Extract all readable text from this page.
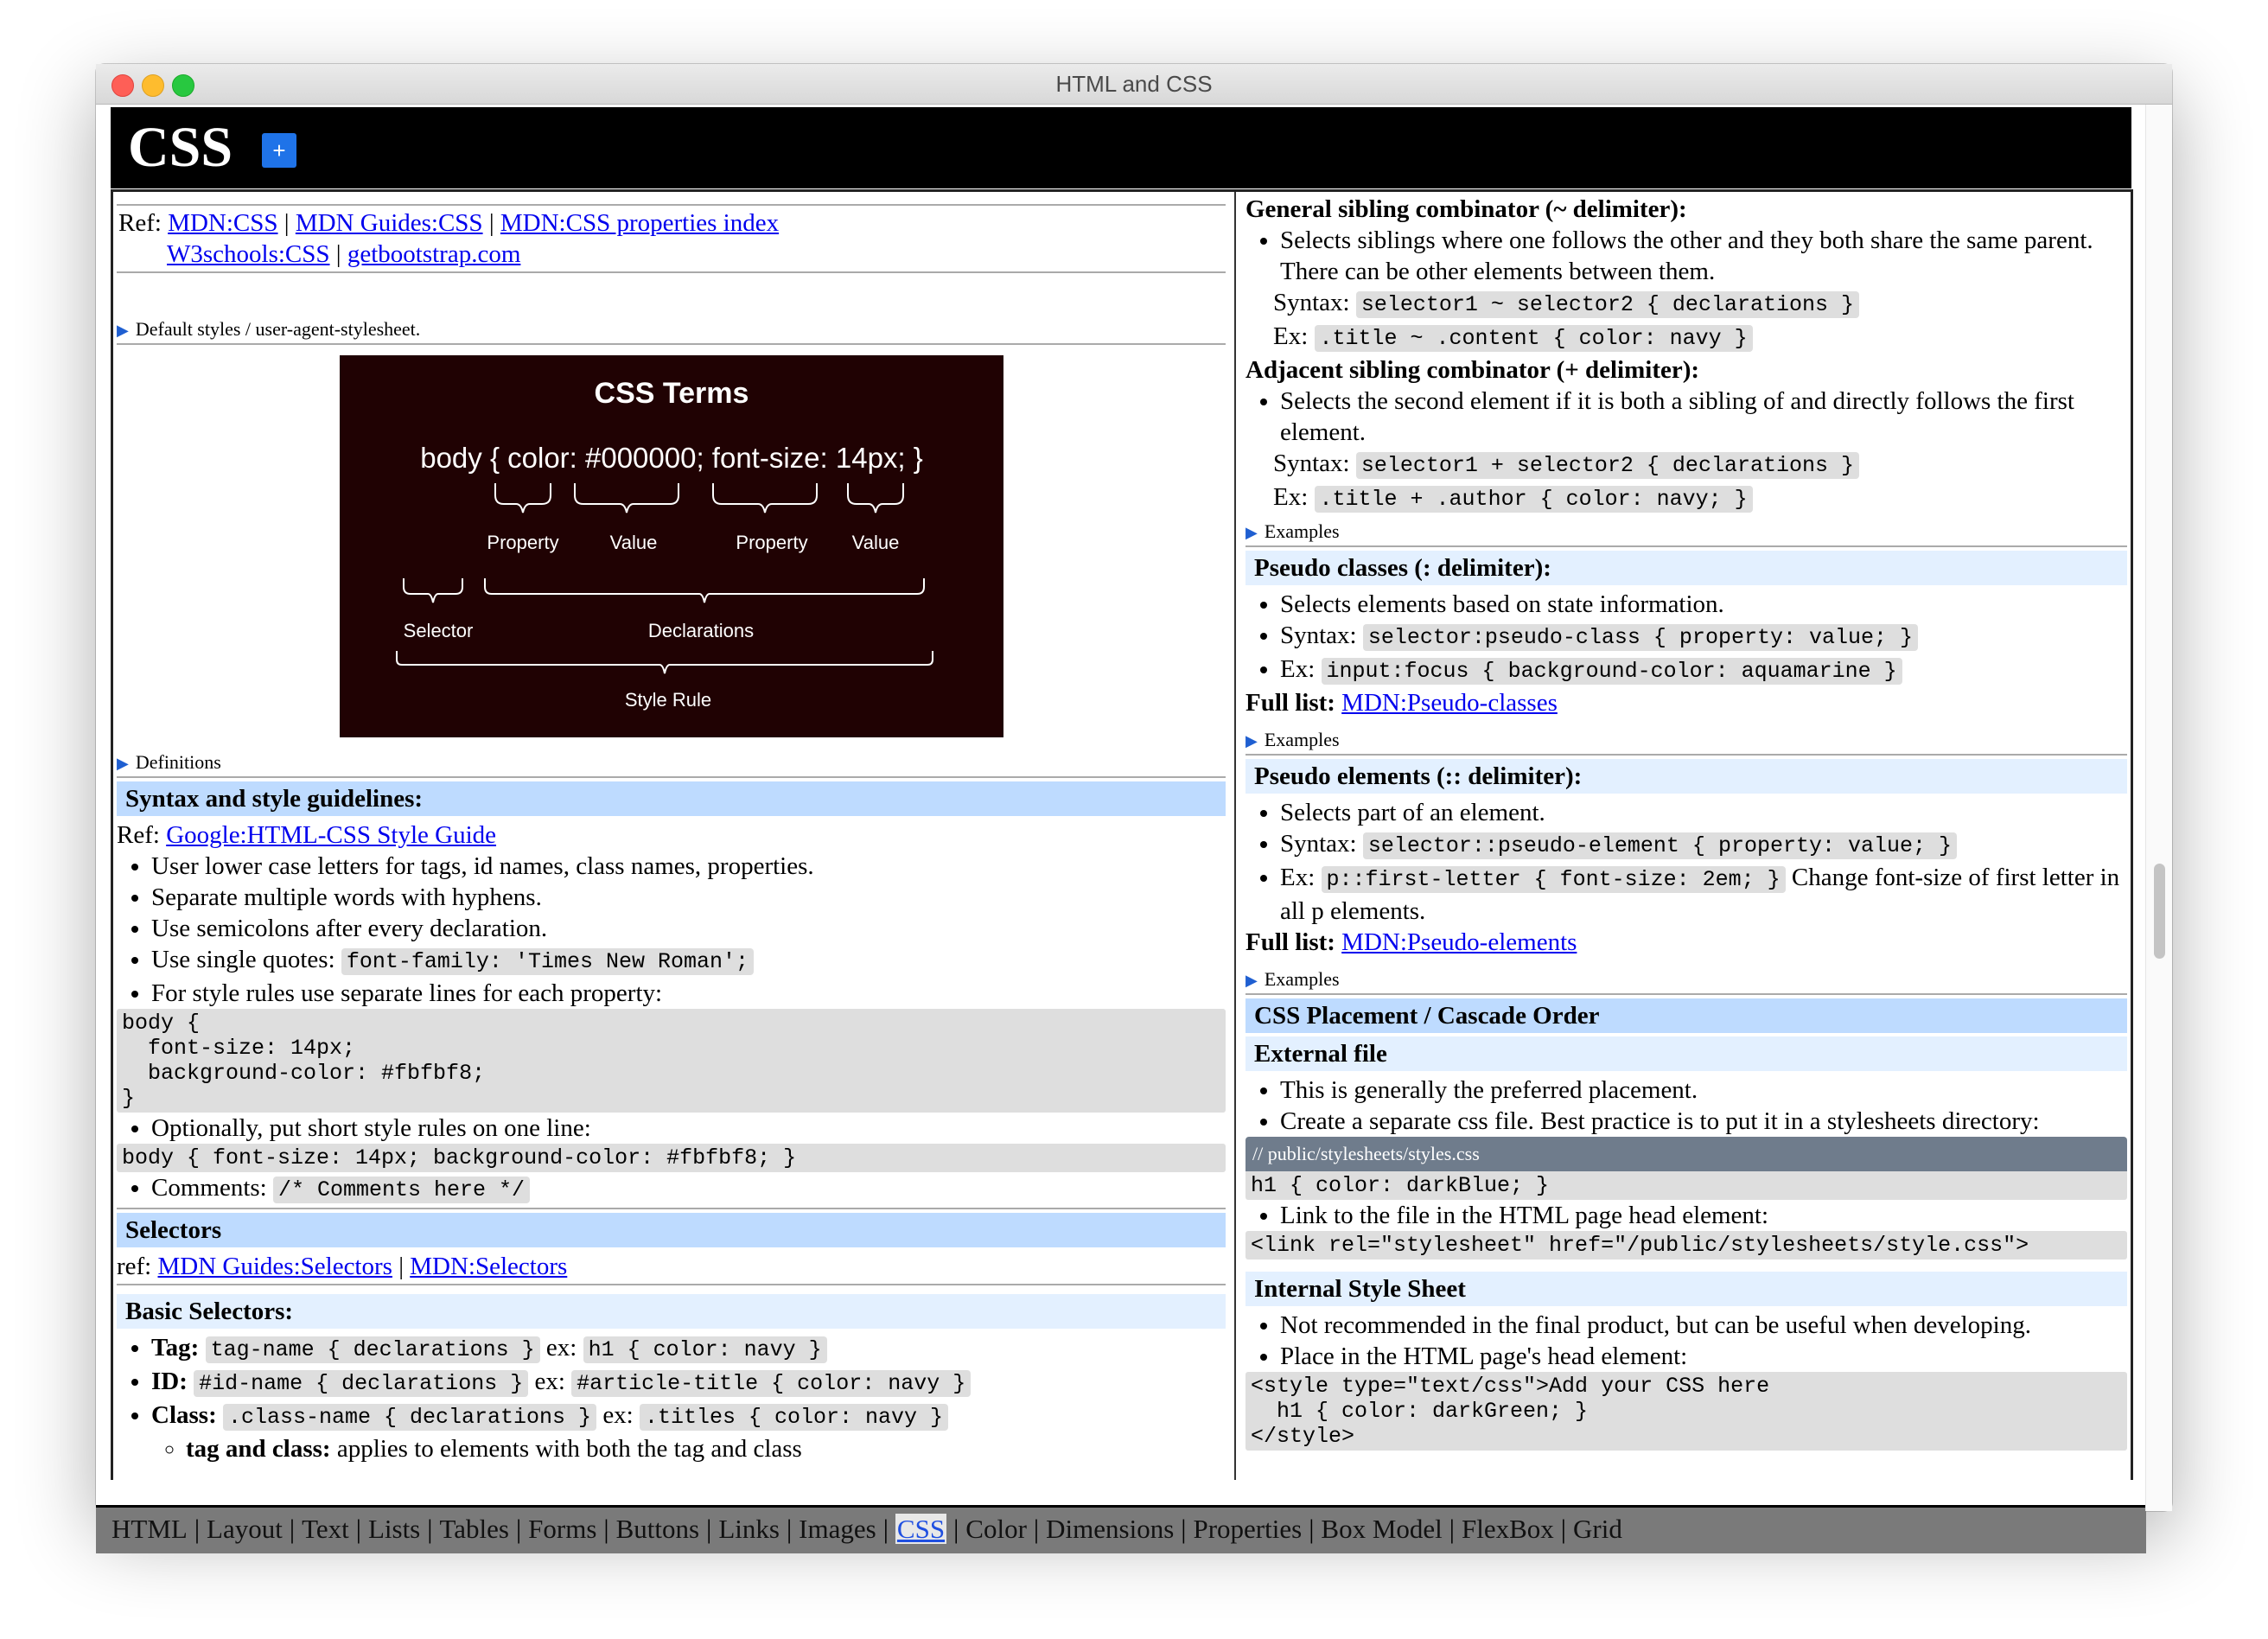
HTML and CSS
CSS	+
Ref: MDN:CSS | MDN Guides:CSS | MDN:CSS properties index
W3schools:CSS | getbootstrap.com
▶ Default styles / user-agent-stylesheet.
CSS Terms
body { color: #000000; font-size: 14px; }
Property	Value	Property Value
Selector	Declarations
Style Rule
▶ Definitions
Syntax and style guidelines:
Ref: Google:HTML-CSS Style Guide
• User lower case letters for tags, id names, class names, properties.
• Separate multiple words with hyphens.
• Use semicolons after every declaration.
• Use single quotes: font-family: 'Times New Roman';
• For style rules use separate lines for each property:
body {
font-size: 14px;
background-color: #fbfbf8;
}
• Optionally, put short style rules on one line:
body { font-size: 14px; background-color: #fbfbf8; }
• Comments: /* Comments here */
Selectors
ref: MDN Guides:Selectors | MDN:Selectors
Basic Selectors:
• Tag: tag-name { declarations } ex: h1 { color: navy }
• ID: #id-name { declarations } ex: #article-title { color: navy }
• Class: .class-name { declarations } ex: .titles { color: navy }
◦ tag and class: applies to elements with both the tag and class
General sibling combinator (~ delimiter):
• Selects siblings where one follows the other and they both share the same parent. There can be other elements between them.
Syntax: selector1 ~ selector2 { declarations }
Ex: .title ~ .content { color: navy }
Adjacent sibling combinator (+ delimiter):
• Selects the second element if it is both a sibling of and directly follows the first element.
Syntax: selector1 + selector2 { declarations }
Ex: .title + .author { color: navy; }
▶ Examples
Pseudo classes (: delimiter):
• Selects elements based on state information.
• Syntax: selector:pseudo-class { property: value; }
• Ex: input:focus { background-color: aquamarine }
Full list: MDN:Pseudo-classes
▶ Examples
Pseudo elements (:: delimiter):
• Selects part of an element.
• Syntax: selector::pseudo-element { property: value; }
• Ex: p::first-letter { font-size: 2em; } Change font-size of first letter in all p elements.
Full list: MDN:Pseudo-elements
▶ Examples
CSS Placement / Cascade Order
External file
• This is generally the preferred placement.
• Create a separate css file. Best practice is to put it in a stylesheets directory:
// public/stylesheets/styles.css
h1 { color: darkBlue; }
• Link to the file in the HTML page head element:
<link rel="stylesheet" href="/public/stylesheets/style.css">
Internal Style Sheet
• Not recommended in the final product, but can be useful when developing.
• Place in the HTML page's head element:
<style type="text/css">Add your CSS here
h1 { color: darkGreen; }
</style>
HTML | Layout | Text | Lists | Tables | Forms | Buttons | Links | Images | CSS | Color | Dimensions | Properties | Box Model | FlexBox | Grid
